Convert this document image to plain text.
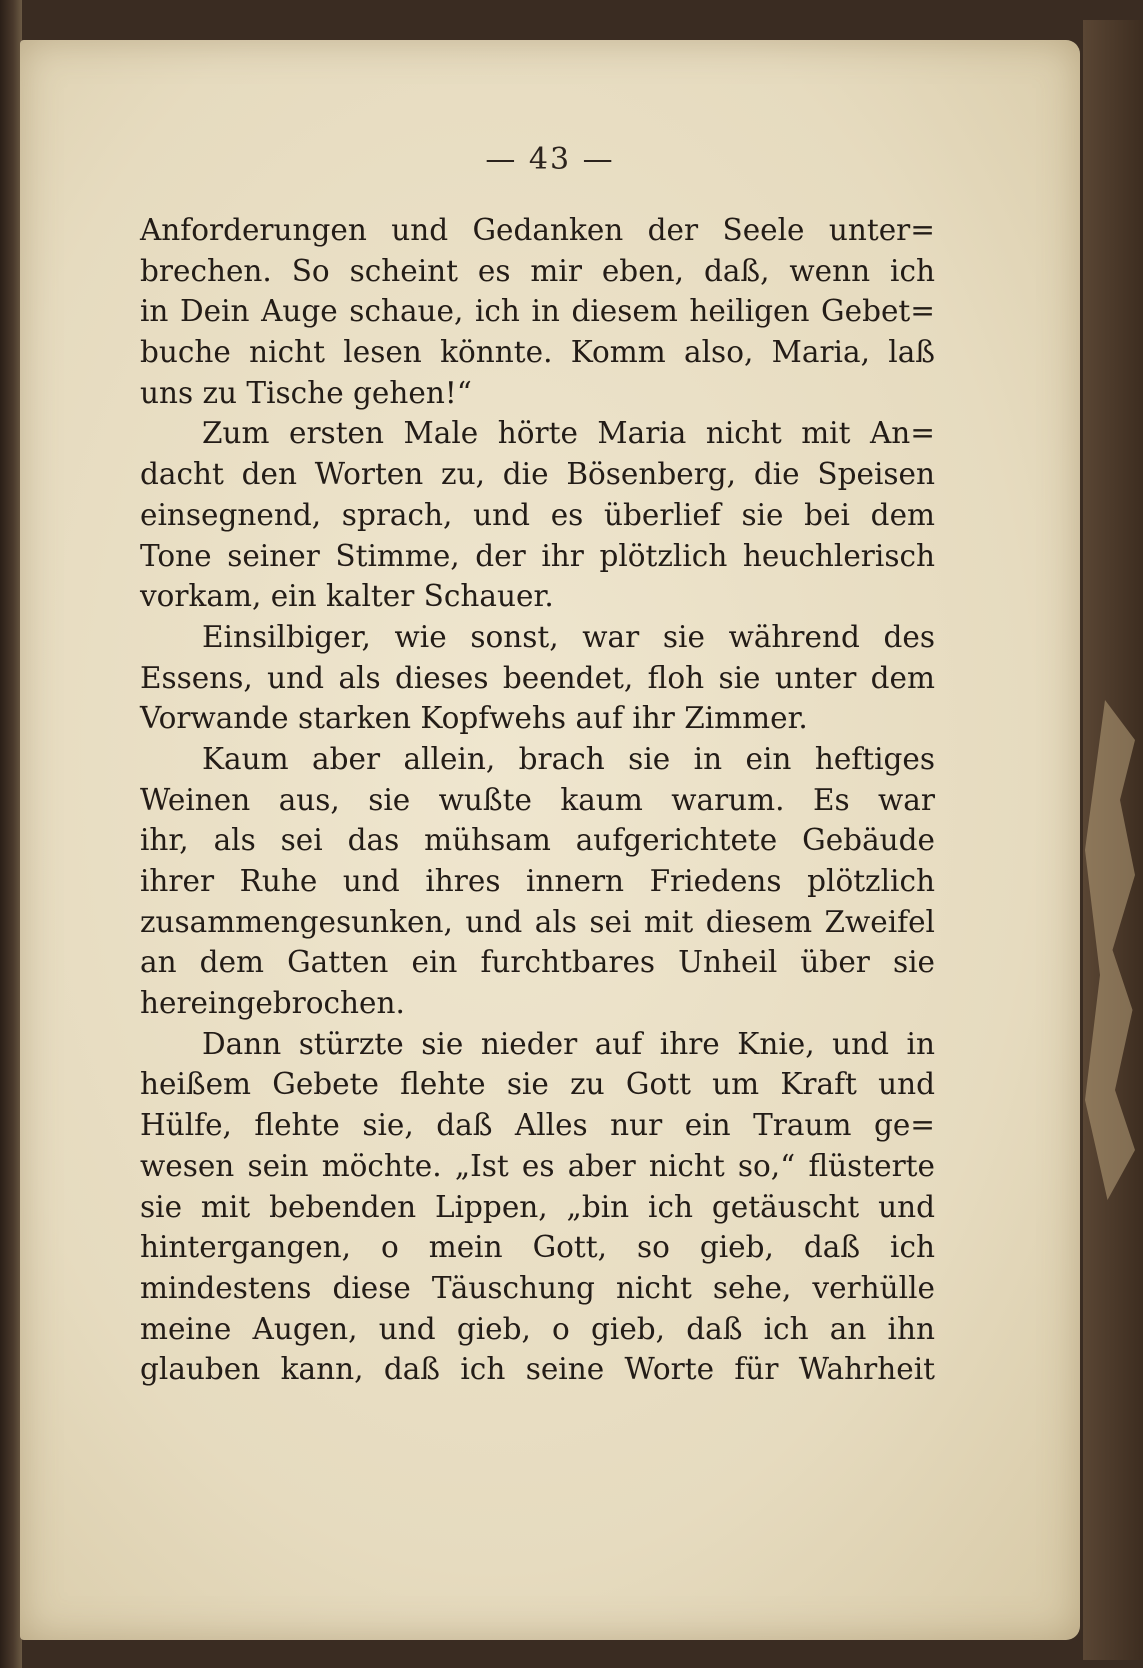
— 43 —
Anforderungen und Gedanken der Seele unter=
brechen. So scheint es mir eben, daß, wenn ich
in Dein Auge schaue, ich in diesem heiligen Gebet=
buche nicht lesen könnte. Komm also, Maria, laß
uns zu Tische gehen!“
Zum ersten Male hörte Maria nicht mit An=
dacht den Worten zu, die Bösenberg, die Speisen
einsegnend, sprach, und es überlief sie bei dem
Tone seiner Stimme, der ihr plötzlich heuchlerisch
vorkam, ein kalter Schauer.
Einsilbiger, wie sonst, war sie während des
Essens, und als dieses beendet, floh sie unter dem
Vorwande starken Kopfwehs auf ihr Zimmer.
Kaum aber allein, brach sie in ein heftiges
Weinen aus, sie wußte kaum warum. Es war
ihr, als sei das mühsam aufgerichtete Gebäude
ihrer Ruhe und ihres innern Friedens plötzlich
zusammengesunken, und als sei mit diesem Zweifel
an dem Gatten ein furchtbares Unheil über sie
hereingebrochen.
Dann stürzte sie nieder auf ihre Knie, und in
heißem Gebete flehte sie zu Gott um Kraft und
Hülfe, flehte sie, daß Alles nur ein Traum ge=
wesen sein möchte. „Ist es aber nicht so,“ flüsterte
sie mit bebenden Lippen, „bin ich getäuscht und
hintergangen, o mein Gott, so gieb, daß ich
mindestens diese Täuschung nicht sehe, verhülle
meine Augen, und gieb, o gieb, daß ich an ihn
glauben kann, daß ich seine Worte für Wahrheit
